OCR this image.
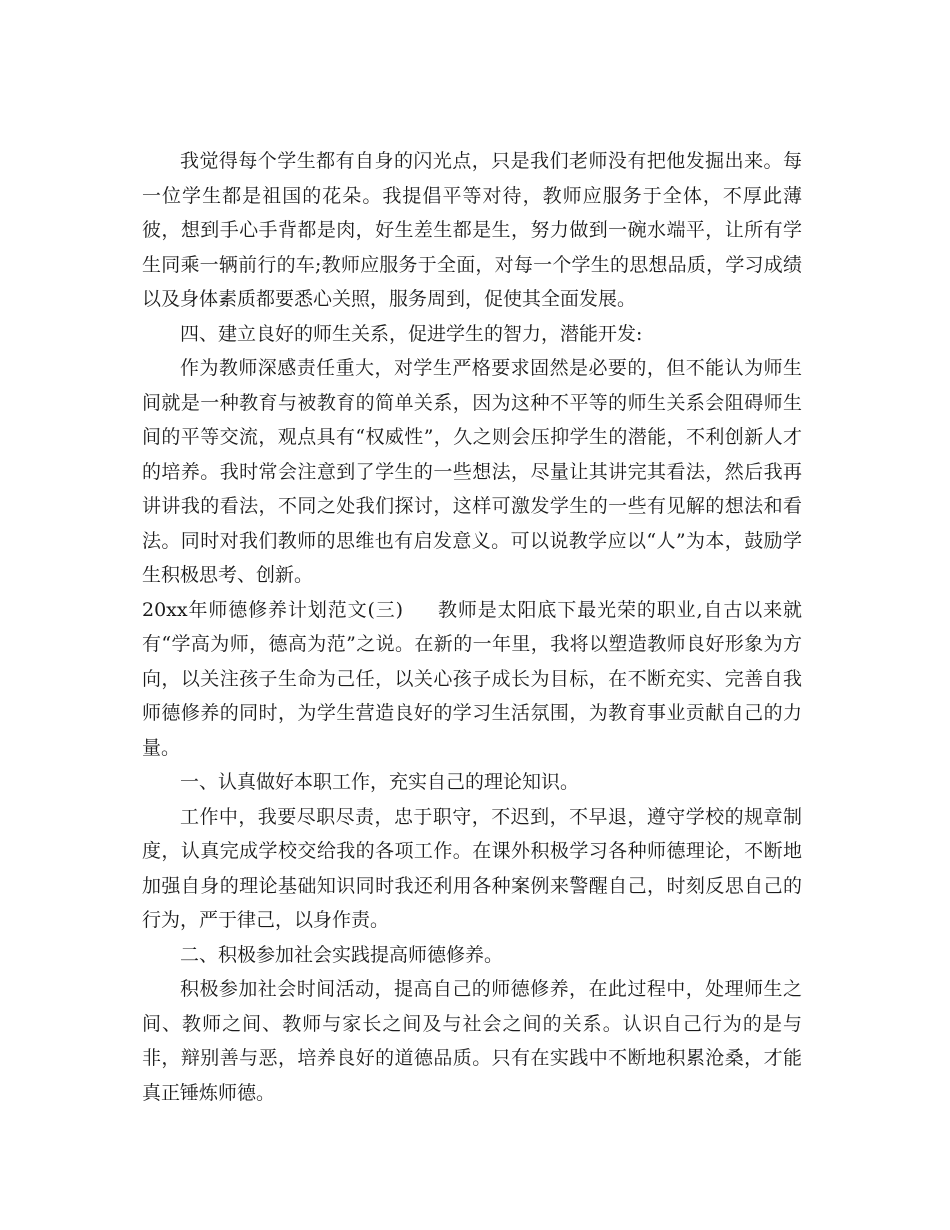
我觉得每个学生都有自身的闪光点，只是我们老师没有把他发掘出来。每一位学生都是祖国的花朵。我提倡平等对待，教师应服务于全体，不厚此薄彼，想到手心手背都是肉，好生差生都是生，努力做到一碗水端平，让所有学生同乘一辆前行的车;教师应服务于全面，对每一个学生的思想品质，学习成绩以及身体素质都要悉心关照，服务周到，促使其全面发展。

四、建立良好的师生关系，促进学生的智力，潜能开发:

作为教师深感责任重大，对学生严格要求固然是必要的，但不能认为师生间就是一种教育与被教育的简单关系，因为这种不平等的师生关系会阻碍师生间的平等交流，观点具有“权威性”，久之则会压抑学生的潜能，不利创新人才的培养。我时常会注意到了学生的一些想法，尽量让其讲完其看法，然后我再讲讲我的看法，不同之处我们探讨，这样可激发学生的一些有见解的想法和看法。同时对我们教师的思维也有启发意义。可以说教学应以“人”为本，鼓励学生积极思考、创新。

20xx年师德修养计划范文(三) 教师是太阳底下最光荣的职业,自古以来就有“学高为师，德高为范”之说。在新的一年里，我将以塑造教师良好形象为方向，以关注孩子生命为己任，以关心孩子成长为目标，在不断充实、完善自我师德修养的同时，为学生营造良好的学习生活氛围，为教育事业贡献自己的力量。

一、认真做好本职工作，充实自己的理论知识。

工作中，我要尽职尽责，忠于职守，不迟到，不早退，遵守学校的规章制度，认真完成学校交给我的各项工作。在课外积极学习各种师德理论，不断地加强自身的理论基础知识同时我还利用各种案例来警醒自己，时刻反思自己的行为，严于律己，以身作责。

二、积极参加社会实践提高师德修养。

积极参加社会时间活动，提高自己的师德修养，在此过程中，处理师生之间、教师之间、教师与家长之间及与社会之间的关系。认识自己行为的是与非，辩别善与恶，培养良好的道德品质。只有在实践中不断地积累沧桑，才能真正锤炼师德。
